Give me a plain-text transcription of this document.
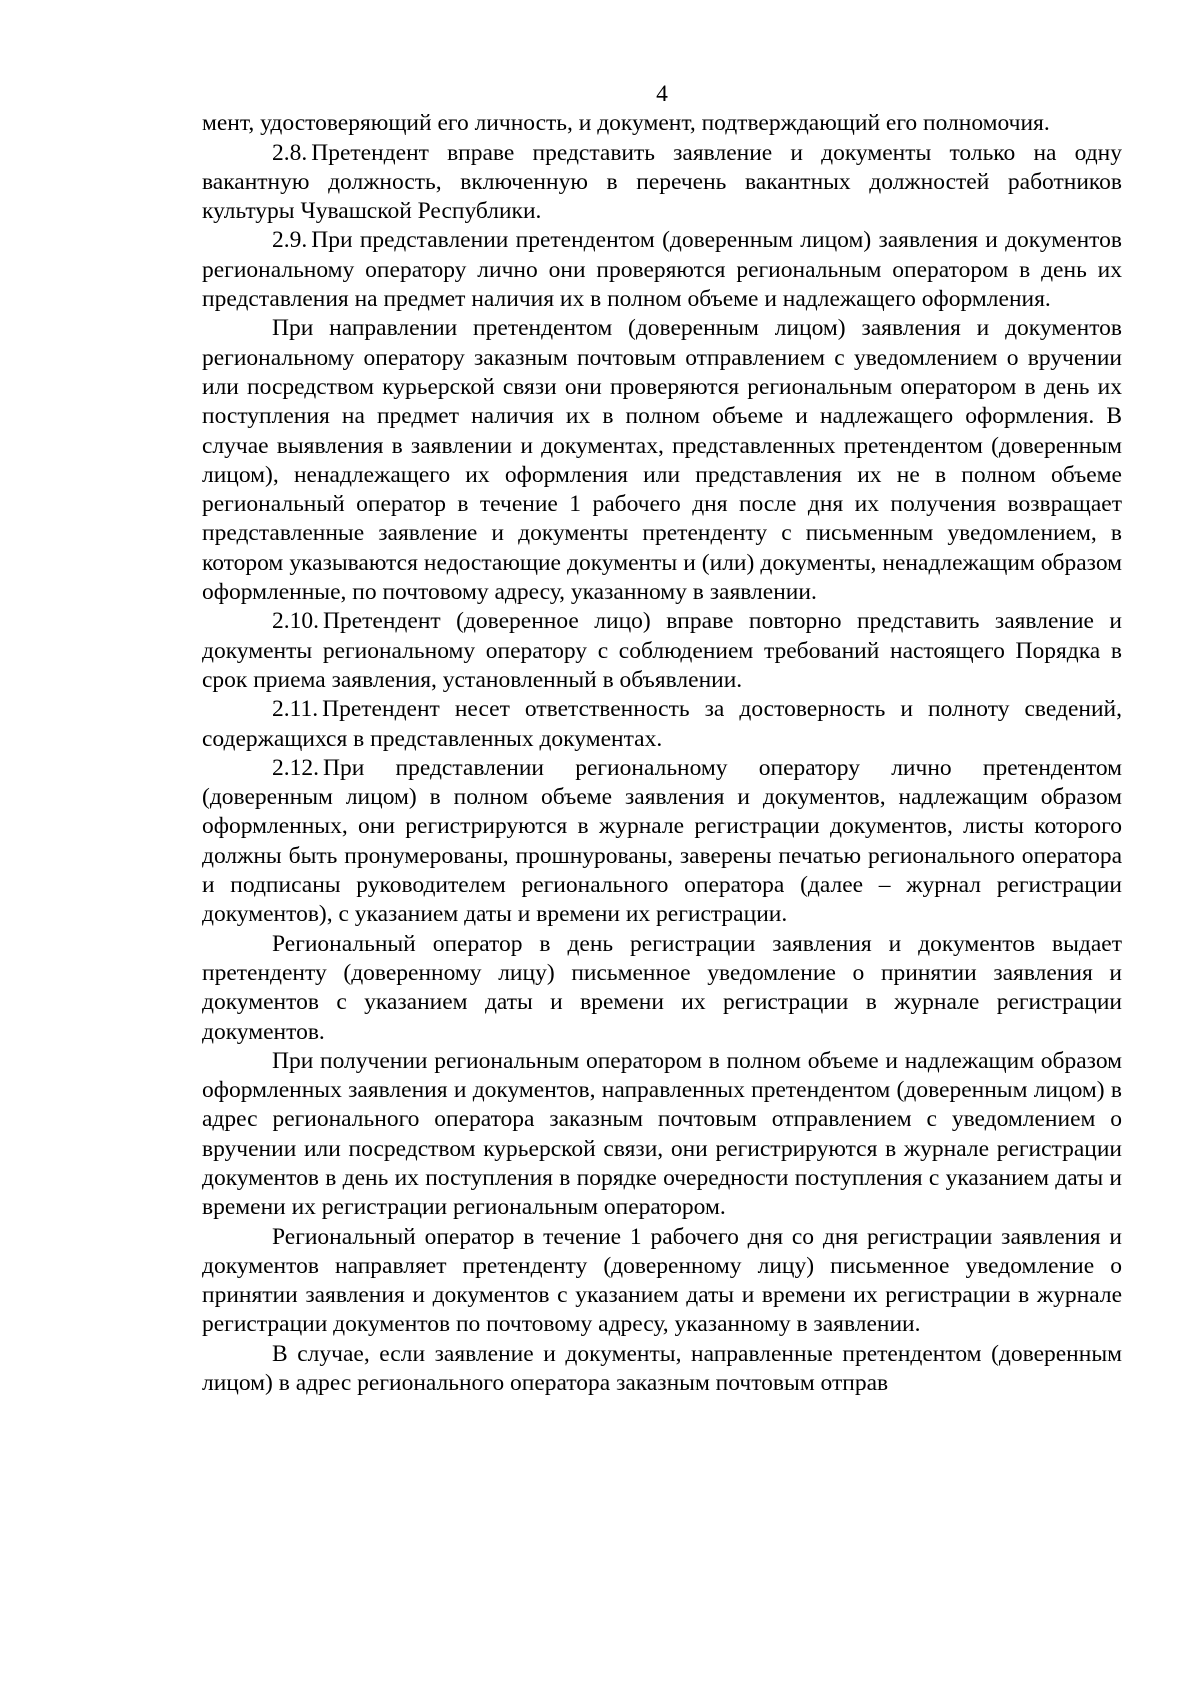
4

мент, удостоверяющий его личность, и документ, подтверждающий его полномочия.

2.8. Претендент вправе представить заявление и документы только на одну вакантную должность, включенную в перечень вакантных должностей работников культуры Чувашской Республики.

2.9. При представлении претендентом (доверенным лицом) заявления и документов региональному оператору лично они проверяются региональным оператором в день их представления на предмет наличия их в полном объеме и надлежащего оформления.

При направлении претендентом (доверенным лицом) заявления и документов региональному оператору заказным почтовым отправлением с уведомлением о вручении или посредством курьерской связи они проверяются региональным оператором в день их поступления на предмет наличия их в полном объеме и надлежащего оформления. В случае выявления в заявлении и документах, представленных претендентом (доверенным лицом), ненадлежащего их оформления или представления их не в полном объеме региональный оператор в течение 1 рабочего дня после дня их получения возвращает представленные заявление и документы претенденту с письменным уведомлением, в котором указываются недостающие документы и (или) документы, ненадлежащим образом оформленные, по почтовому адресу, указанному в заявлении.

2.10. Претендент (доверенное лицо) вправе повторно представить заявление и документы региональному оператору с соблюдением требований настоящего Порядка в срок приема заявления, установленный в объявлении.

2.11. Претендент несет ответственность за достоверность и полноту сведений, содержащихся в представленных документах.

2.12. При представлении региональному оператору лично претендентом (доверенным лицом) в полном объеме заявления и документов, надлежащим образом оформленных, они регистрируются в журнале регистрации документов, листы которого должны быть пронумерованы, прошнурованы, заверены печатью регионального оператора и подписаны руководителем регионального оператора (далее – журнал регистрации документов), с указанием даты и времени их регистрации.

Региональный оператор в день регистрации заявления и документов выдает претенденту (доверенному лицу) письменное уведомление о принятии заявления и документов с указанием даты и времени их регистрации в журнале регистрации документов.

При получении региональным оператором в полном объеме и надлежащим образом оформленных заявления и документов, направленных претендентом (доверенным лицом) в адрес регионального оператора заказным почтовым отправлением с уведомлением о вручении или посредством курьерской связи, они регистрируются в журнале регистрации документов в день их поступления в порядке очередности поступления с указанием даты и времени их регистрации региональным оператором.

Региональный оператор в течение 1 рабочего дня со дня регистрации заявления и документов направляет претенденту (доверенному лицу) письменное уведомление о принятии заявления и документов с указанием даты и времени их регистрации в журнале регистрации документов по почтовому адресу, указанному в заявлении.

В случае, если заявление и документы, направленные претендентом (доверенным лицом) в адрес регионального оператора заказным почтовым отправ
